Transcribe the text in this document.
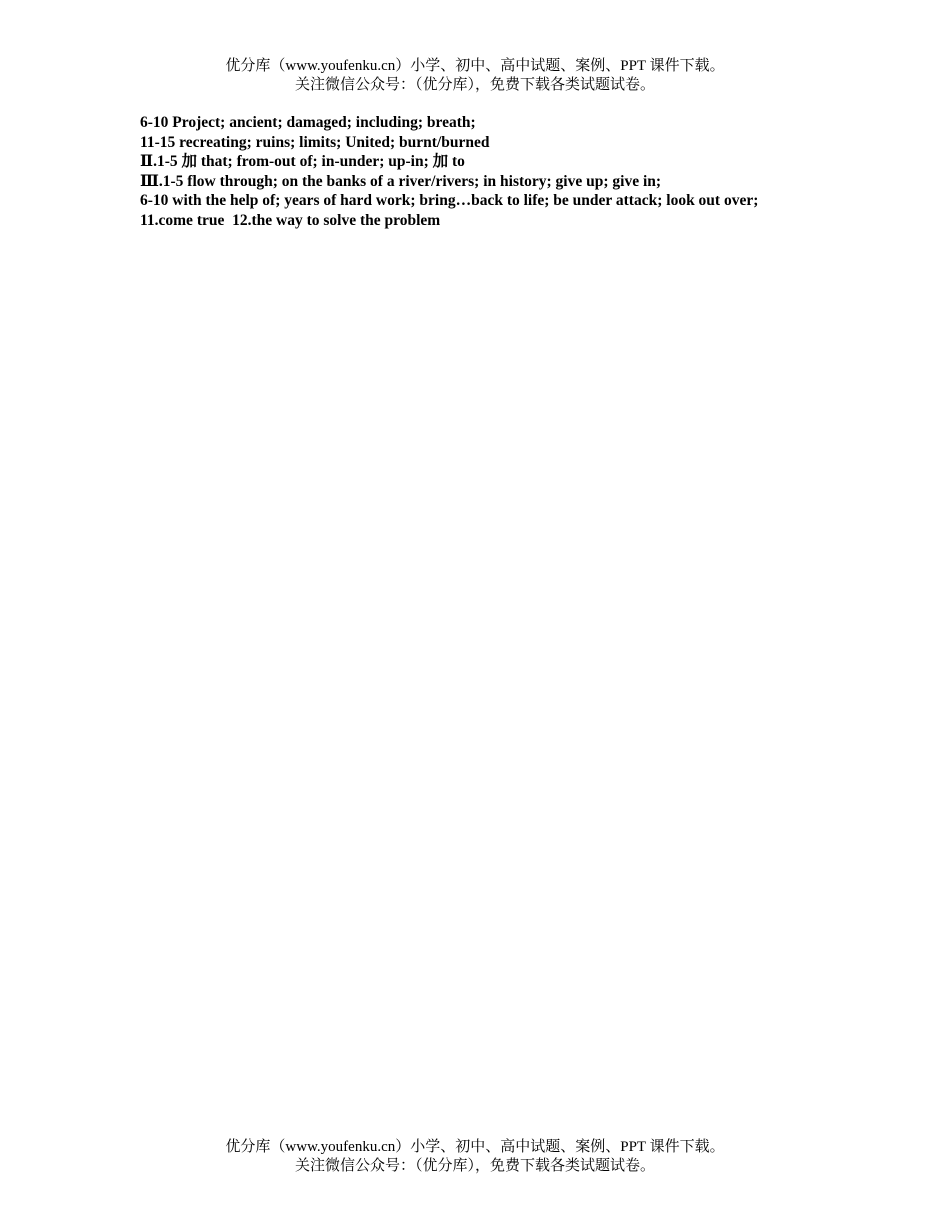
优分库（www.youfenku.cn）小学、初中、高中试题、案例、PPT 课件下载。
关注微信公众号：（优分库），免费下载各类试题试卷。
6-10 Project; ancient; damaged; including; breath;
11-15 recreating; ruins; limits; United; burnt/burned
Ⅱ.1-5 加 that; from-out of; in-under; up-in; 加 to
Ⅲ.1-5 flow through; on the banks of a river/rivers; in history; give up; give in;
6-10 with the help of; years of hard work; bring…back to life; be under attack; look out over;
11.come true  12.the way to solve the problem
优分库（www.youfenku.cn）小学、初中、高中试题、案例、PPT 课件下载。
关注微信公众号：（优分库），免费下载各类试题试卷。
